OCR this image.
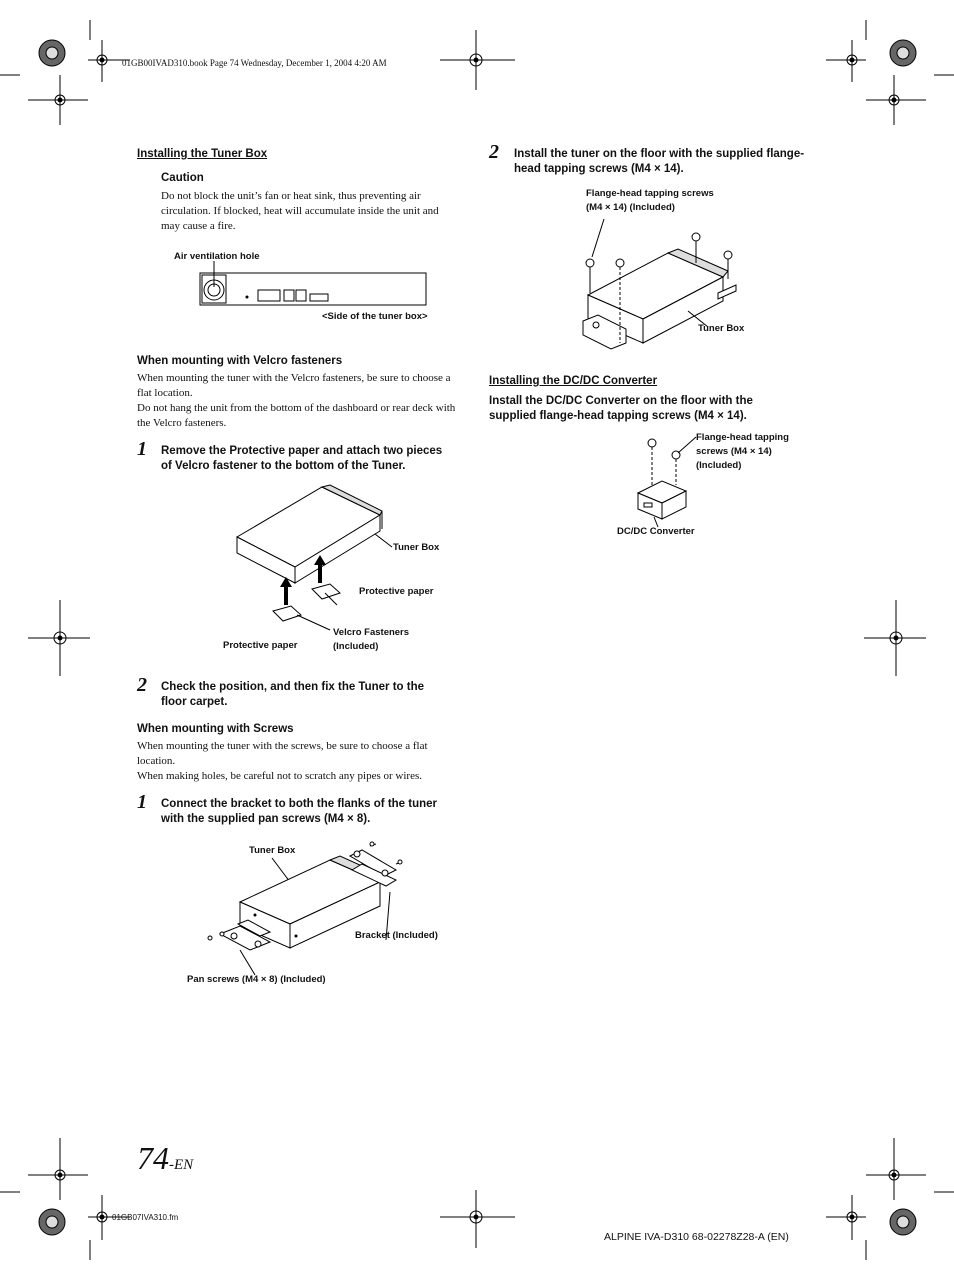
01GB00IVAD310.book Page 74 Wednesday, December 1, 2004 4:20 AM
Installing the Tuner Box
Caution
Do not block the unit’s fan or heat sink, thus preventing air
circulation. If blocked, heat will accumulate inside the unit and
may cause a fire.
Air ventilation hole
<Side of the tuner box>
When mounting with Velcro fasteners
When mounting the tuner with the Velcro fasteners, be sure to choose a
flat location.
Do not hang the unit from the bottom of the dashboard or rear deck with
the Velcro fasteners.
1 Remove the Protective paper and attach two pieces
of Velcro fastener to the bottom of the Tuner.
Tuner Box
Protective paper
Velcro Fasteners
(Included)
Protective paper
2 Check the position, and then fix the Tuner to the
floor carpet.
When mounting with Screws
When mounting the tuner with the screws, be sure to choose a flat
location.
When making holes, be careful not to scratch any pipes or wires.
1 Connect the bracket to both the flanks of the tuner
with the supplied pan screws (M4 × 8).
Tuner Box
Bracket (Included)
Pan screws (M4 × 8) (Included)
2 Install the tuner on the floor with the supplied flange-
head tapping screws (M4 × 14).
Flange-head tapping screws
(M4 × 14) (Included)
Tuner Box
Installing the DC/DC Converter
Install the DC/DC Converter on the floor with the
supplied flange-head tapping screws (M4 × 14).
Flange-head tapping
screws (M4 × 14)
(Included)
DC/DC Converter
74-EN
01GB07IVA310.fm
ALPINE IVA-D310 68-02278Z28-A (EN)
